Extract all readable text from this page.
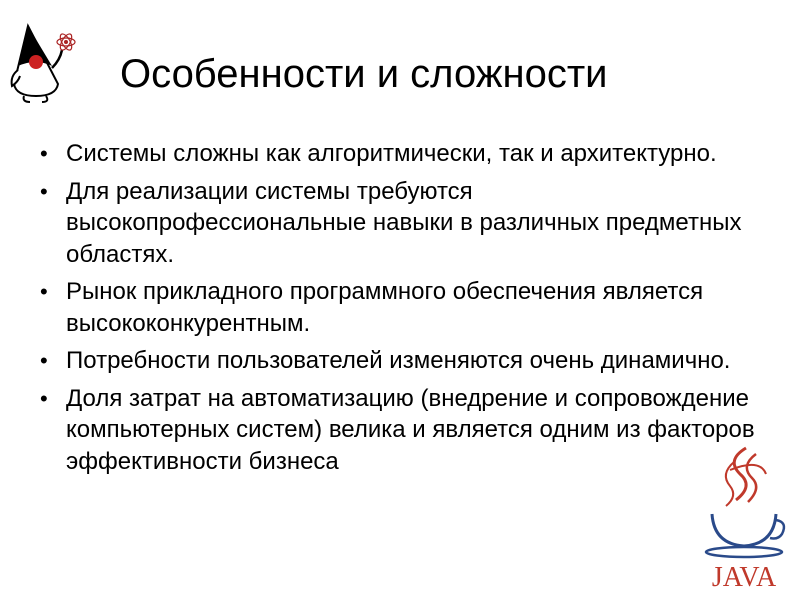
Особенности и сложности
• Системы сложны как алгоритмически, так и архитектурно.
• Для реализации системы требуются высокопрофессиональные навыки в различных предметных областях.
• Рынок прикладного программного обеспечения является высококонкурентным.
• Потребности пользователей изменяются очень динамично.
• Доля затрат на автоматизацию (внедрение и сопровождение компьютерных систем) велика и является одним из факторов эффективности бизнеса
JAVA
